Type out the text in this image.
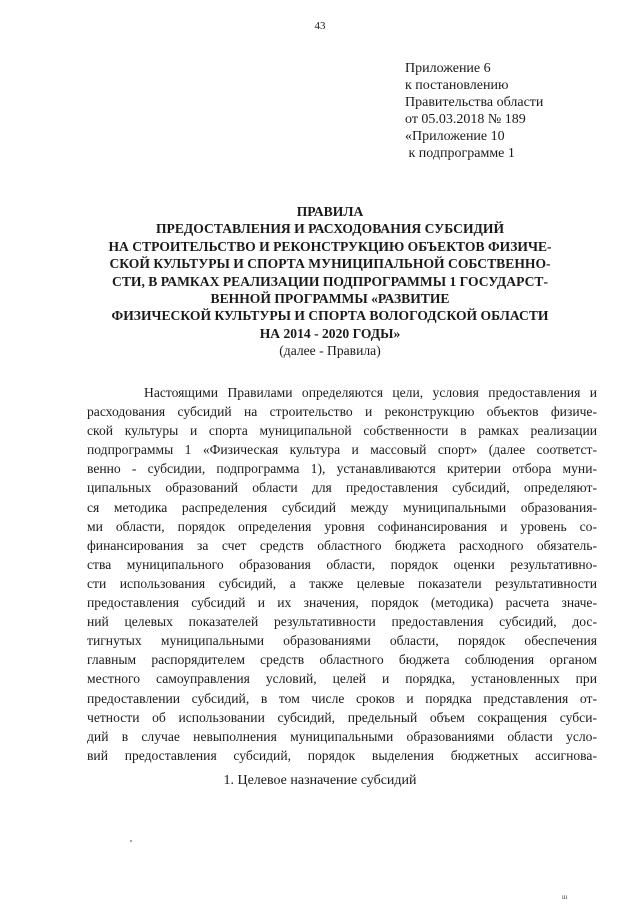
43
Приложение 6
к постановлению
Правительства области
от 05.03.2018 № 189
«Приложение 10
к подпрограмме 1
ПРАВИЛА
ПРЕДОСТАВЛЕНИЯ И РАСХОДОВАНИЯ СУБСИДИЙ
НА СТРОИТЕЛЬСТВО И РЕКОНСТРУКЦИЮ ОБЪЕКТОВ ФИЗИЧЕ-
СКОЙ КУЛЬТУРЫ И СПОРТА МУНИЦИПАЛЬНОЙ СОБСТВЕННО-
СТИ, В РАМКАХ РЕАЛИЗАЦИИ ПОДПРОГРАММЫ 1 ГОСУДАРСТ-
ВЕННОЙ ПРОГРАММЫ «РАЗВИТИЕ
ФИЗИЧЕСКОЙ КУЛЬТУРЫ И СПОРТА ВОЛОГОДСКОЙ ОБЛАСТИ
НА 2014 - 2020 ГОДЫ»
(далее - Правила)
Настоящими Правилами определяются цели, условия предоставления и
расходования субсидий на строительство и реконструкцию объектов физиче-
ской культуры и спорта муниципальной собственности в рамках реализации
подпрограммы 1 «Физическая культура и массовый спорт» (далее соответст-
венно - субсидии, подпрограмма 1), устанавливаются критерии отбора муни-
ципальных образований области для предоставления субсидий, определяют-
ся методика распределения субсидий между муниципальными образования-
ми области, порядок определения уровня софинансирования и уровень со-
финансирования за счет средств областного бюджета расходного обязатель-
ства муниципального образования области, порядок оценки результативно-
сти использования субсидий, а также целевые показатели результативности
предоставления субсидий и их значения, порядок (методика) расчета значе-
ний целевых показателей результативности предоставления субсидий, дос-
тигнутых муниципальными образованиями области, порядок обеспечения
главным распорядителем средств областного бюджета соблюдения органом
местного самоуправления условий, целей и порядка, установленных при
предоставлении субсидий, в том числе сроков и порядка представления от-
четности об использовании субсидий, предельный объем сокращения субси-
дий в случае невыполнения муниципальными образованиями области усло-
вий предоставления субсидий, порядок выделения бюджетных ассигнова-
1. Целевое назначение субсидий
ш
